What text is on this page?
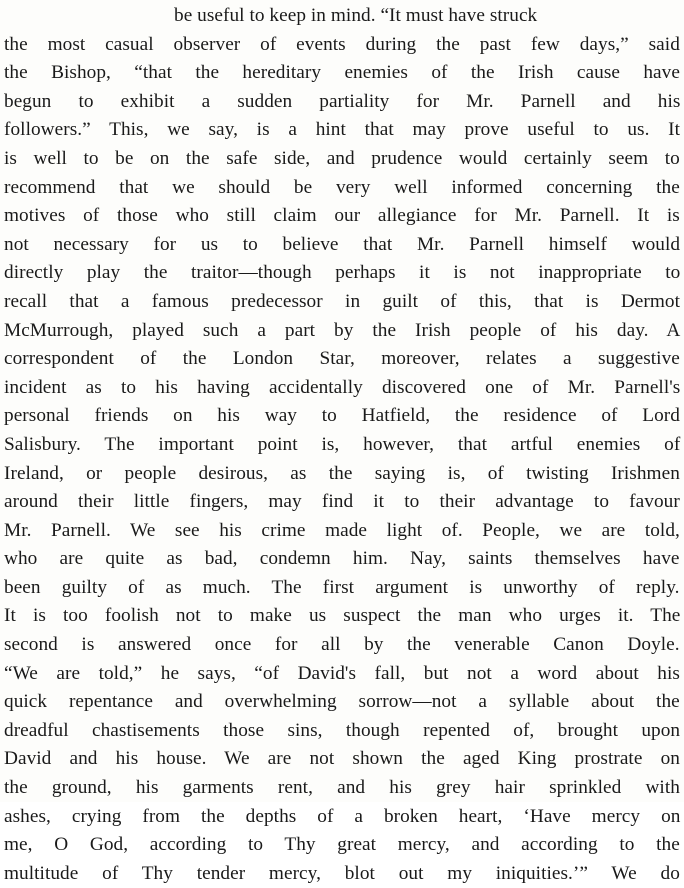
be useful to keep in mind. “It must have struck
the most casual observer of events during the past few days,” said
the Bishop, “that the hereditary enemies of the Irish cause have
begun to exhibit a sudden partiality for Mr. Parnell and his
followers.” This, we say, is a hint that may prove useful to us. It
is well to be on the safe side, and prudence would certainly seem to
recommend that we should be very well informed concerning the
motives of those who still claim our allegiance for Mr. Parnell. It is
not necessary for us to believe that Mr. Parnell himself would
directly play the traitor—though perhaps it is not inappropriate to
recall that a famous predecessor in guilt of this, that is Dermot
McMurrough, played such a part by the Irish people of his day. A
correspondent of the London Star, moreover, relates a suggestive
incident as to his having accidentally discovered one of Mr. Parnell's
personal friends on his way to Hatfield, the residence of Lord
Salisbury. The important point is, however, that artful enemies of
Ireland, or people desirous, as the saying is, of twisting Irishmen
around their little fingers, may find it to their advantage to favour
Mr. Parnell. We see his crime made light of. People, we are told,
who are quite as bad, condemn him. Nay, saints themselves have
been guilty of as much. The first argument is unworthy of reply.
It is too foolish not to make us suspect the man who urges it. The
second is answered once for all by the venerable Canon Doyle.
“We are told,” he says, “of David's fall, but not a word about his
quick repentance and overwhelming sorrow—not a syllable about the
dreadful chastisements those sins, though repented of, brought upon
David and his house. We are not shown the aged King prostrate on
the ground, his garments rent, and his grey hair sprinkled with
ashes, crying from the depths of a broken heart, ‘Have mercy on
me, O God, according to Thy great mercy, and according to the
multitude of Thy tender mercy, blot out my iniquities.’” We do
